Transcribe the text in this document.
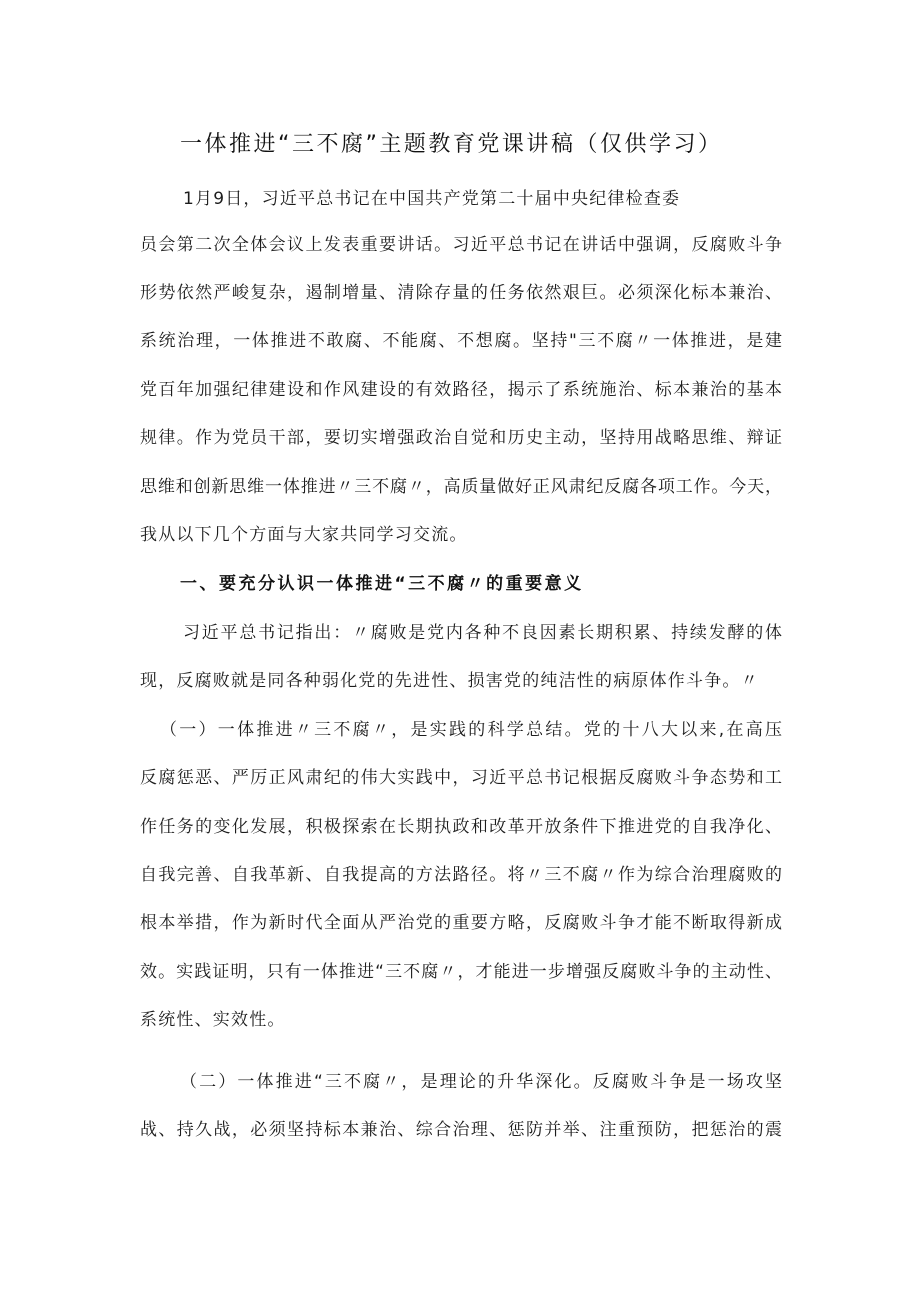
一体推进“三不腐”主题教育党课讲稿（仅供学习）
1月9日，习近平总书记在中国共产党第二十届中央纪律检查委
员会第二次全体会议上发表重要讲话。习近平总书记在讲话中强调，反腐败斗争
形势依然严峻复杂，遏制增量、清除存量的任务依然艰巨。必须深化标本兼治、
系统治理，一体推进不敢腐、不能腐、不想腐。坚持"三不腐〃一体推进，是建
党百年加强纪律建设和作风建设的有效路径，揭示了系统施治、标本兼治的基本
规律。作为党员干部，要切实增强政治自觉和历史主动，坚持用战略思维、辩证
思维和创新思维一体推进〃三不腐〃，高质量做好正风肃纪反腐各项工作。今天，
我从以下几个方面与大家共同学习交流。
一、要充分认识一体推进“三不腐〃的重要意义
习近平总书记指出：〃腐败是党内各种不良因素长期积累、持续发酵的体
现，反腐败就是同各种弱化党的先进性、损害党的纯洁性的病原体作斗争。〃
（一）一体推进〃三不腐〃，是实践的科学总结。党的十八大以来,在高压
反腐惩恶、严厉正风肃纪的伟大实践中，习近平总书记根据反腐败斗争态势和工
作任务的变化发展，积极探索在长期执政和改革开放条件下推进党的自我净化、
自我完善、自我革新、自我提高的方法路径。将〃三不腐〃作为综合治理腐败的
根本举措，作为新时代全面从严治党的重要方略，反腐败斗争才能不断取得新成
效。实践证明，只有一体推进“三不腐〃，才能进一步增强反腐败斗争的主动性、
系统性、实效性。
（二）一体推进“三不腐〃，是理论的升华深化。反腐败斗争是一场攻坚
战、持久战，必须坚持标本兼治、综合治理、惩防并举、注重预防，把惩治的震
